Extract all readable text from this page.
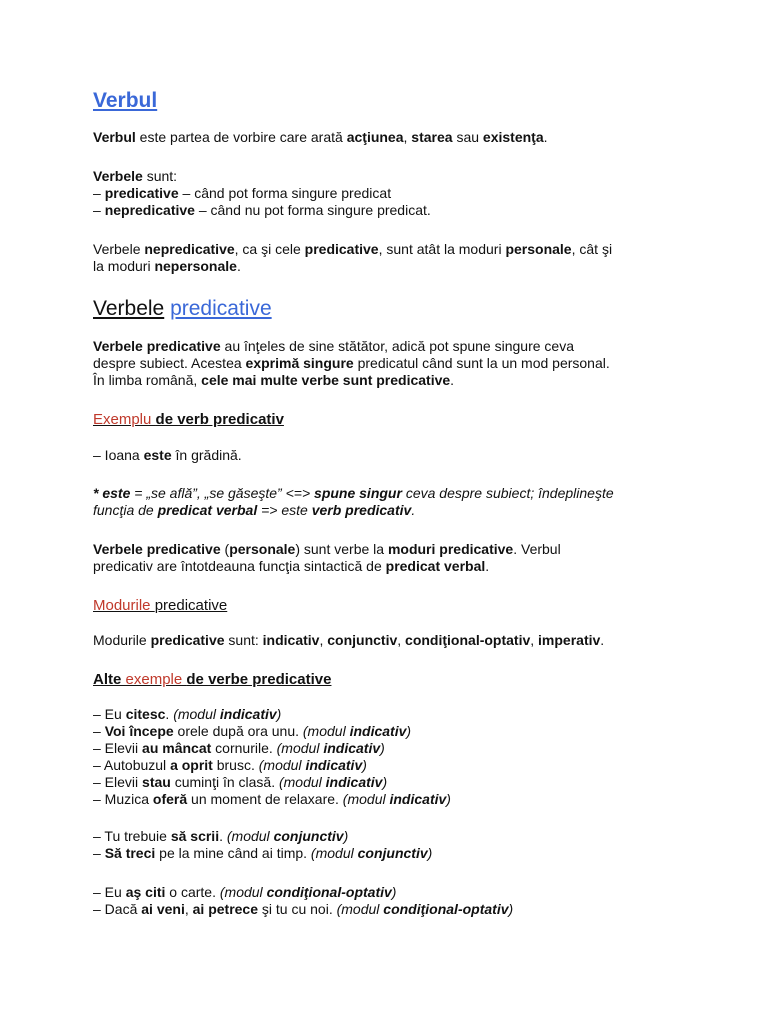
Verbul
Verbul este partea de vorbire care arată acţiunea, starea sau existenţa.
Verbele sunt:
– predicative – când pot forma singure predicat
– nepredicative – când nu pot forma singure predicat.
Verbele nepredicative, ca şi cele predicative, sunt atât la moduri personale, cât şi
la moduri nepersonale.
Verbele predicative
Verbele predicative au înţeles de sine stătător, adică pot spune singure ceva
despre subiect. Acestea exprimă singure predicatul când sunt la un mod personal.
În limba română, cele mai multe verbe sunt predicative.
Exemplu de verb predicativ
– Ioana este în grădină.
* este = „se află”, „se găseşte” <=> spune singur ceva despre subiect; îndeplineşte
funcţia de predicat verbal => este verb predicativ.
Verbele predicative (personale) sunt verbe la moduri predicative. Verbul
predicativ are întotdeauna funcţia sintactică de predicat verbal.
Modurile predicative
Modurile predicative sunt: indicativ, conjunctiv, condiţional-optativ, imperativ.
Alte exemple de verbe predicative
– Eu citesc. (modul indicativ)
– Voi începe orele după ora unu. (modul indicativ)
– Elevii au mâncat cornurile. (modul indicativ)
– Autobuzul a oprit brusc. (modul indicativ)
– Elevii stau cuminţi în clasă. (modul indicativ)
– Muzica oferă un moment de relaxare. (modul indicativ)
– Tu trebuie să scrii. (modul conjunctiv)
– Să treci pe la mine când ai timp. (modul conjunctiv)
– Eu aş citi o carte. (modul condiţional-optativ)
– Dacă ai veni, ai petrece şi tu cu noi. (modul condiţional-optativ)
